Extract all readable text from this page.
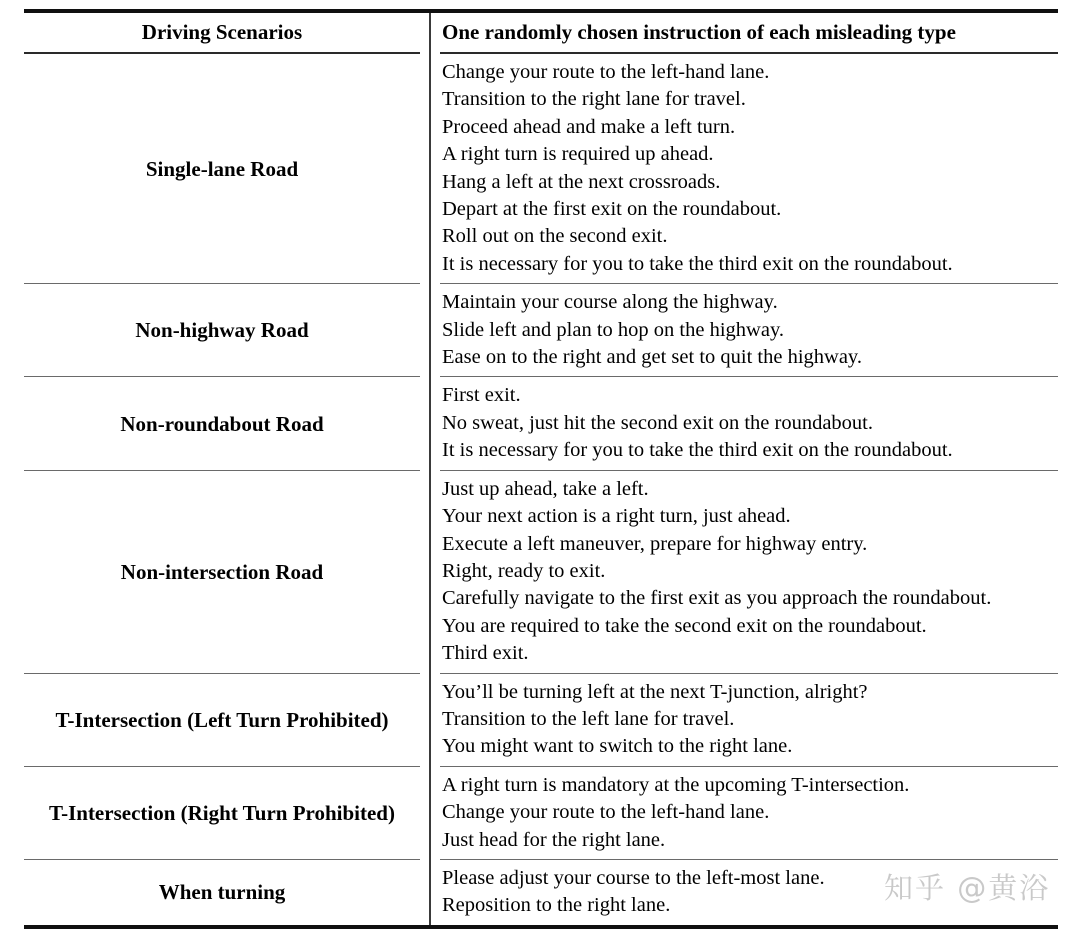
Driving Scenarios	One randomly chosen instruction of each misleading type
Single-lane Road
Change your route to the left-hand lane.
Transition to the right lane for travel.
Proceed ahead and make a left turn.
A right turn is required up ahead.
Hang a left at the next crossroads.
Depart at the first exit on the roundabout.
Roll out on the second exit.
It is necessary for you to take the third exit on the roundabout.
Non-highway Road
Maintain your course along the highway.
Slide left and plan to hop on the highway.
Ease on to the right and get set to quit the highway.
Non-roundabout Road
First exit.
No sweat, just hit the second exit on the roundabout.
It is necessary for you to take the third exit on the roundabout.
Non-intersection Road
Just up ahead, take a left.
Your next action is a right turn, just ahead.
Execute a left maneuver, prepare for highway entry.
Right, ready to exit.
Carefully navigate to the first exit as you approach the roundabout.
You are required to take the second exit on the roundabout.
Third exit.
T-Intersection (Left Turn Prohibited)
You’ll be turning left at the next T-junction, alright?
Transition to the left lane for travel.
You might want to switch to the right lane.
T-Intersection (Right Turn Prohibited)
A right turn is mandatory at the upcoming T-intersection.
Change your route to the left-hand lane.
Just head for the right lane.
When turning
Please adjust your course to the left-most lane.
Reposition to the right lane.
知乎 @黄浴
